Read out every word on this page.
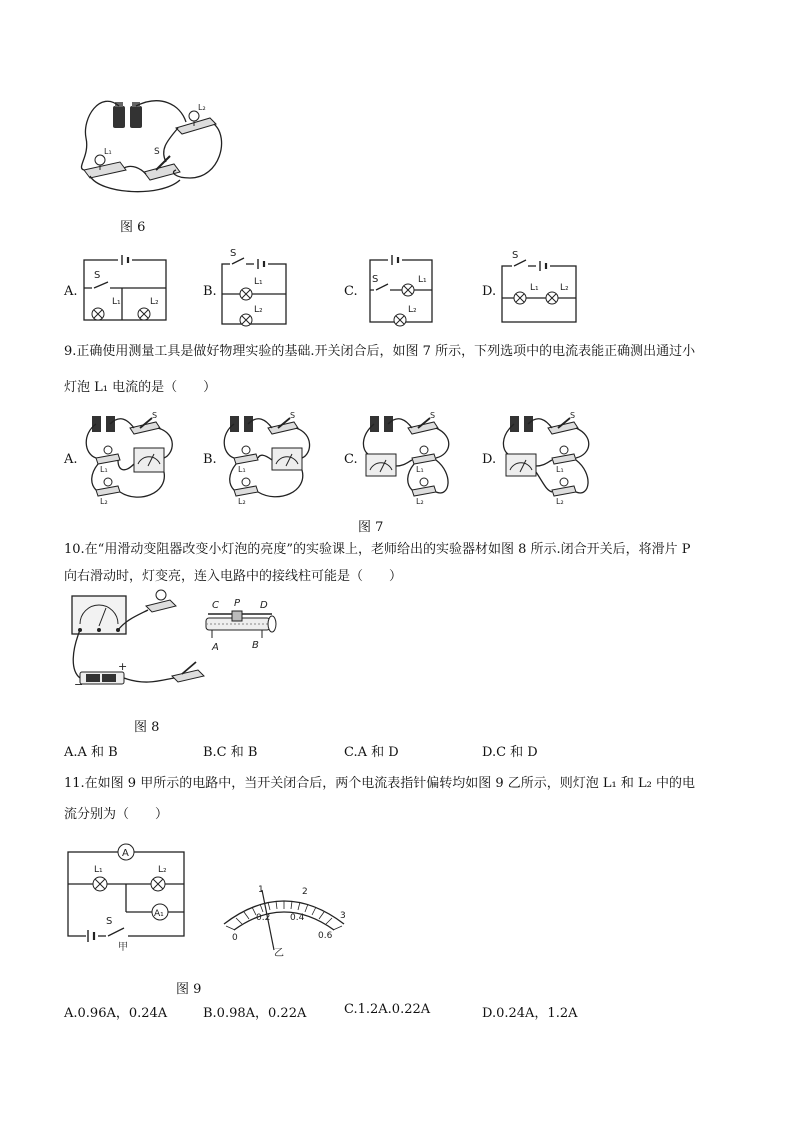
L₂
L₁	S
图 6
A.
S
L₁	L₂
B.
S
L₁
L₂
C.
S	L₁
L₂
D.
S
L₁ L₂
9.正确使用测量工具是做好物理实验的基础.开关闭合后，如图 7 所示，下列选项中的电流表能正确测出通过小
灯泡 L₁ 电流的是（　　）
A.
S
L₁
L₂
B.
S
L₁
L₂
C.
S
L₁
L₂
D.
S
L₁
L₂
图 7
10.在“用滑动变阻器改变小灯泡的亮度”的实验课上，老师给出的实验器材如图 8 所示.闭合开关后，将滑片 P
向右滑动时，灯变亮，连入电路中的接线柱可能是（　　）
C P D
A	B
−
+
图 8
A.A 和 B	B.C 和 B	C.A 和 D	D.C 和 D
11.在如图 9 甲所示的电路中，当开关闭合后，两个电流表指针偏转均如图 9 乙所示，则灯泡 L₁ 和 L₂ 中的电
流分别为（　　）
A
A₁
L₁	L₂
S
甲
0
0.2 0.4
0.6
1	2
3
乙
图 9
A.0.96A，0.24A	B.0.98A，0.22A	C.1.2A.0.22A	D.0.24A，1.2A
